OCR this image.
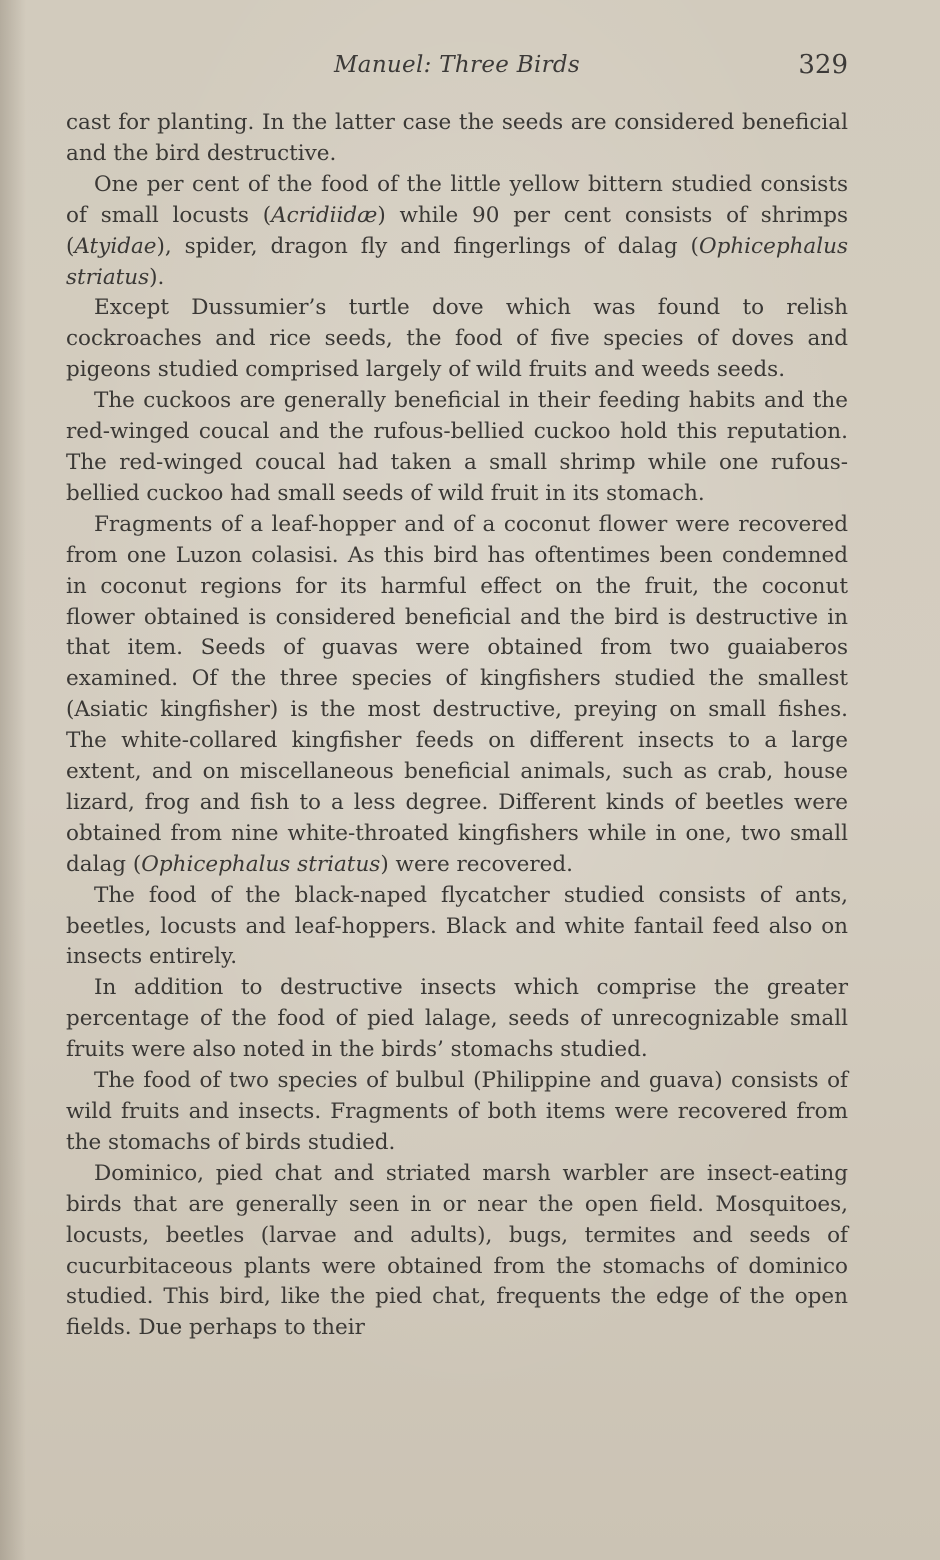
Manuel: Three Birds	329

cast for planting. In the latter case the seeds are considered beneficial and the bird destructive.

One per cent of the food of the little yellow bittern studied consists of small locusts (Acridiidæ) while 90 per cent consists of shrimps (Atyidae), spider, dragon fly and fingerlings of dalag (Ophicephalus striatus).

Except Dussumier’s turtle dove which was found to relish cockroaches and rice seeds, the food of five species of doves and pigeons studied comprised largely of wild fruits and weeds seeds.

The cuckoos are generally beneficial in their feeding habits and the red-winged coucal and the rufous-bellied cuckoo hold this reputation. The red-winged coucal had taken a small shrimp while one rufous-bellied cuckoo had small seeds of wild fruit in its stomach.

Fragments of a leaf-hopper and of a coconut flower were recovered from one Luzon colasisi. As this bird has oftentimes been condemned in coconut regions for its harmful effect on the fruit, the coconut flower obtained is considered beneficial and the bird is destructive in that item. Seeds of guavas were obtained from two guaiaberos examined. Of the three species of kingfishers studied the smallest (Asiatic kingfisher) is the most destructive, preying on small fishes. The white-collared kingfisher feeds on different insects to a large extent, and on miscellaneous beneficial animals, such as crab, house lizard, frog and fish to a less degree. Different kinds of beetles were obtained from nine white-throated kingfishers while in one, two small dalag (Ophicephalus striatus) were recovered.

The food of the black-naped flycatcher studied consists of ants, beetles, locusts and leaf-hoppers. Black and white fantail feed also on insects entirely.

In addition to destructive insects which comprise the greater percentage of the food of pied lalage, seeds of unrecognizable small fruits were also noted in the birds’ stomachs studied.

The food of two species of bulbul (Philippine and guava) consists of wild fruits and insects. Fragments of both items were recovered from the stomachs of birds studied.

Dominico, pied chat and striated marsh warbler are insect-eating birds that are generally seen in or near the open field. Mosquitoes, locusts, beetles (larvae and adults), bugs, termites and seeds of cucurbitaceous plants were obtained from the stomachs of dominico studied. This bird, like the pied chat, frequents the edge of the open fields. Due perhaps to their
